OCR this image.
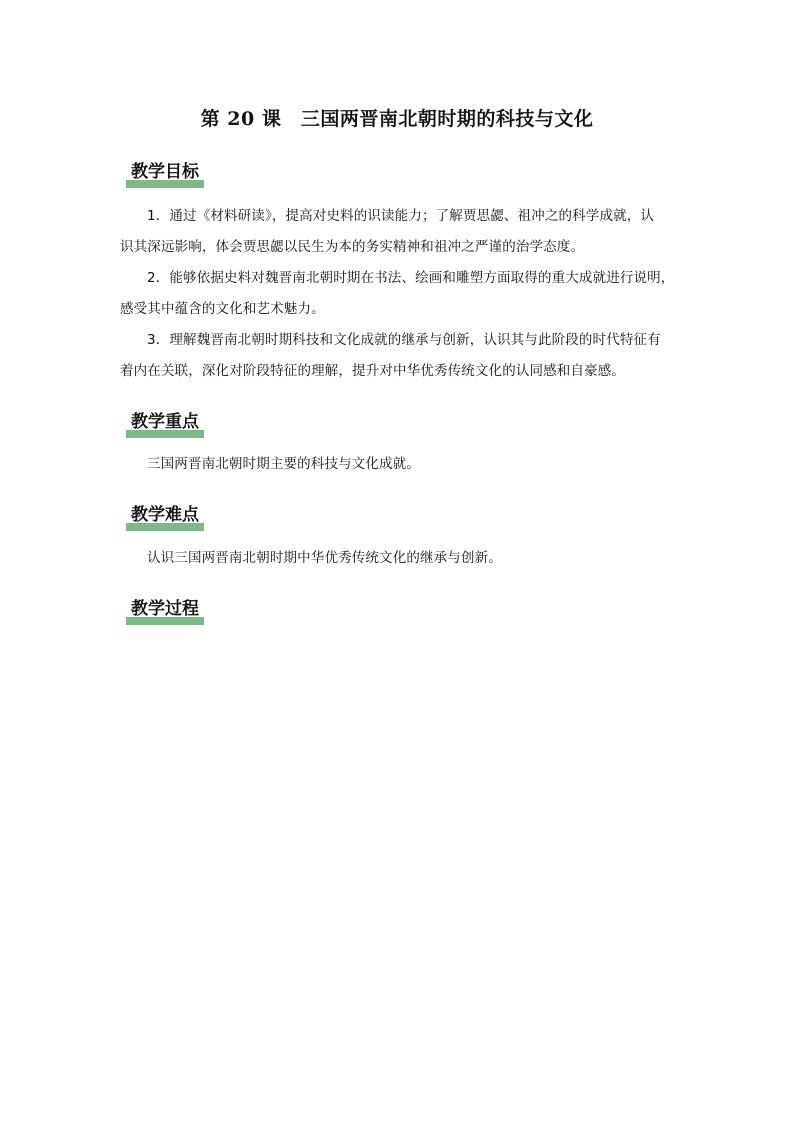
第 20 课　三国两晋南北朝时期的科技与文化
教学目标
1．通过《材料研读》，提高对史料的识读能力；了解贾思勰、祖冲之的科学成就，认
识其深远影响，体会贾思勰以民生为本的务实精神和祖冲之严谨的治学态度。
2．能够依据史料对魏晋南北朝时期在书法、绘画和雕塑方面取得的重大成就进行说明，
感受其中蕴含的文化和艺术魅力。
3．理解魏晋南北朝时期科技和文化成就的继承与创新，认识其与此阶段的时代特征有
着内在关联，深化对阶段特征的理解，提升对中华优秀传统文化的认同感和自豪感。
教学重点
三国两晋南北朝时期主要的科技与文化成就。
教学难点
认识三国两晋南北朝时期中华优秀传统文化的继承与创新。
教学过程
